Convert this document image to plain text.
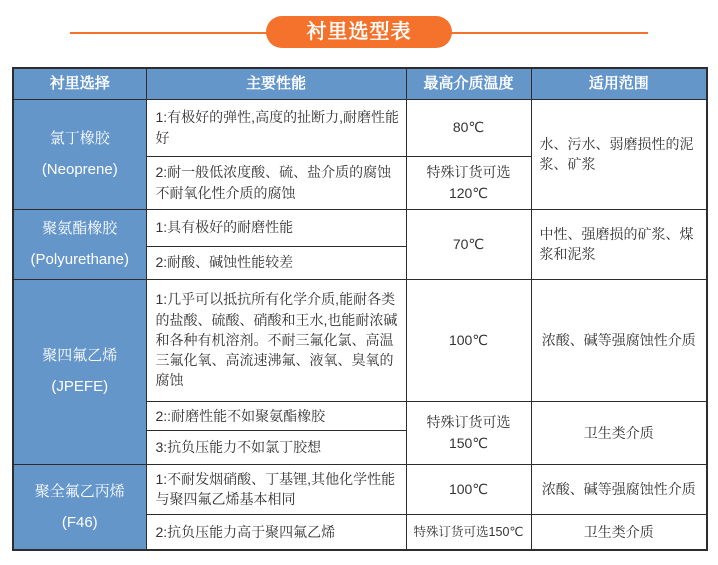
衬里选型表
衬里选择	主要性能	最高介质温度	适用范围

氯丁橡胶
(Neoprene)	1:有极好的弹性,高度的扯断力,耐磨性能好	80℃	水、污水、弱磨损性的泥浆、矿浆
	2:耐一般低浓度酸、硫、盐介质的腐蚀不耐氧化性介质的腐蚀	特殊订货可选120℃	

聚氨酯橡胶
(Polyurethane)	1:具有极好的耐磨性能	70℃	中性、强磨损的矿浆、煤浆和泥浆
	2:耐酸、碱蚀性能较差		

聚四氟乙烯
(JPEFE)	1:几乎可以抵抗所有化学介质,能耐各类的盐酸、硫酸、硝酸和王水,也能耐浓碱和各种有机溶剂。不耐三氟化氯、高温三氟化氧、高流速沸氟、液氧、臭氧的腐蚀	100℃	浓酸、碱等强腐蚀性介质
	2::耐磨性能不如聚氨酯橡胶	特殊订货可选150℃	卫生类介质
	3:抗负压能力不如氯丁胶想		

聚全氟乙丙烯
(F46)	1:不耐发烟硝酸、丁基锂,其他化学性能与聚四氟乙烯基本相同	100℃	浓酸、碱等强腐蚀性介质
	2:抗负压能力高于聚四氟乙烯	特殊订货可选150℃	卫生类介质
